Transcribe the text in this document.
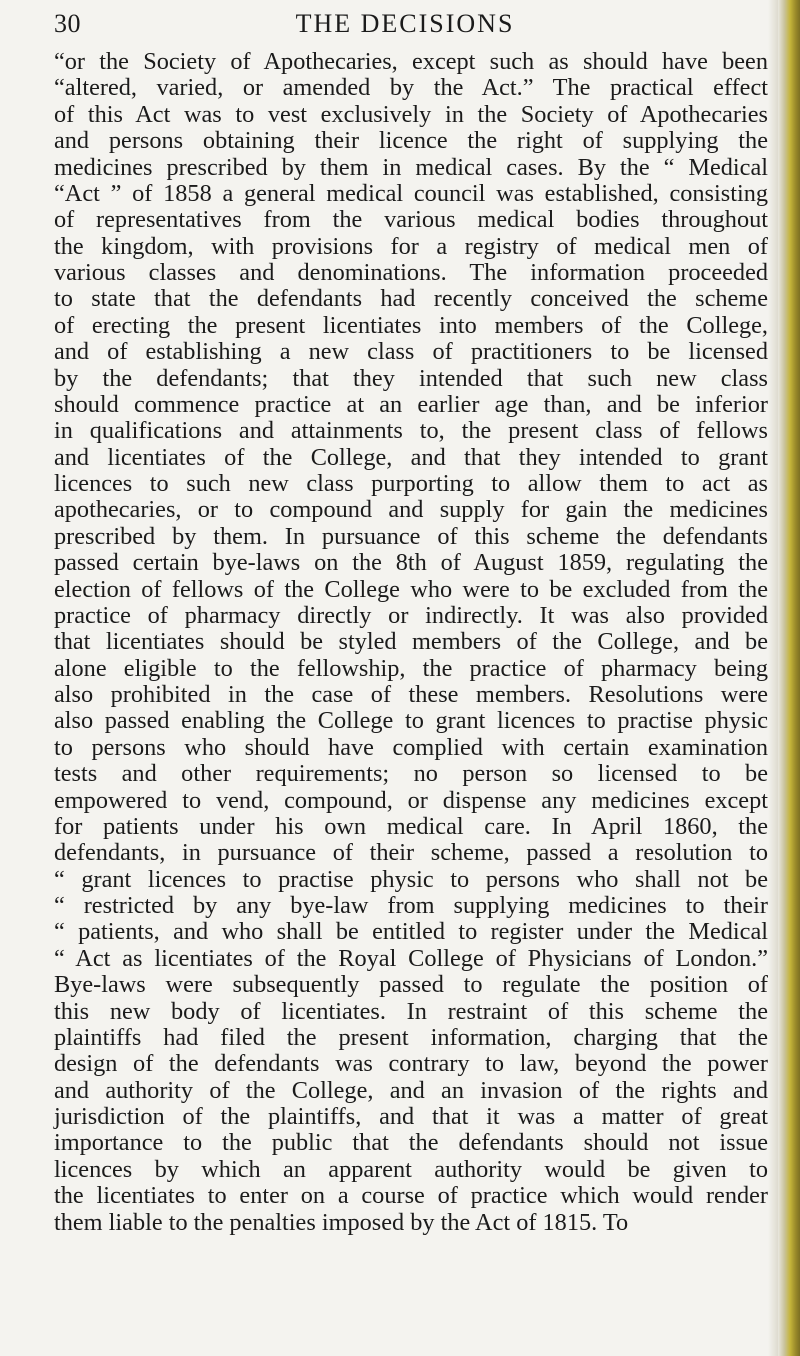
30	THE DECISIONS
“or the Society of Apothecaries, except such as should have been
“altered, varied, or amended by the Act.” The practical effect
of this Act was to vest exclusively in the Society of Apothecaries
and persons obtaining their licence the right of supplying the
medicines prescribed by them in medical cases. By the “ Medical
“Act ” of 1858 a general medical council was established, consisting
of representatives from the various medical bodies throughout
the kingdom, with provisions for a registry of medical men of
various classes and denominations. The information proceeded
to state that the defendants had recently conceived the scheme
of erecting the present licentiates into members of the College,
and of establishing a new class of practitioners to be licensed
by the defendants; that they intended that such new class
should commence practice at an earlier age than, and be inferior
in qualifications and attainments to, the present class of fellows
and licentiates of the College, and that they intended to grant
licences to such new class purporting to allow them to act as
apothecaries, or to compound and supply for gain the medicines
prescribed by them. In pursuance of this scheme the defendants
passed certain bye-laws on the 8th of August 1859, regulating the
election of fellows of the College who were to be excluded from the
practice of pharmacy directly or indirectly. It was also provided
that licentiates should be styled members of the College, and be
alone eligible to the fellowship, the practice of pharmacy being
also prohibited in the case of these members. Resolutions were
also passed enabling the College to grant licences to practise physic
to persons who should have complied with certain examination
tests and other requirements; no person so licensed to be
empowered to vend, compound, or dispense any medicines except
for patients under his own medical care. In April 1860, the
defendants, in pursuance of their scheme, passed a resolution to
“ grant licences to practise physic to persons who shall not be
“ restricted by any bye-law from supplying medicines to their
“ patients, and who shall be entitled to register under the Medical
“ Act as licentiates of the Royal College of Physicians of London.”
Bye-laws were subsequently passed to regulate the position of
this new body of licentiates. In restraint of this scheme the
plaintiffs had filed the present information, charging that the
design of the defendants was contrary to law, beyond the power
and authority of the College, and an invasion of the rights and
jurisdiction of the plaintiffs, and that it was a matter of great
importance to the public that the defendants should not issue
licences by which an apparent authority would be given to
the licentiates to enter on a course of practice which would render
them liable to the penalties imposed by the Act of 1815. To
